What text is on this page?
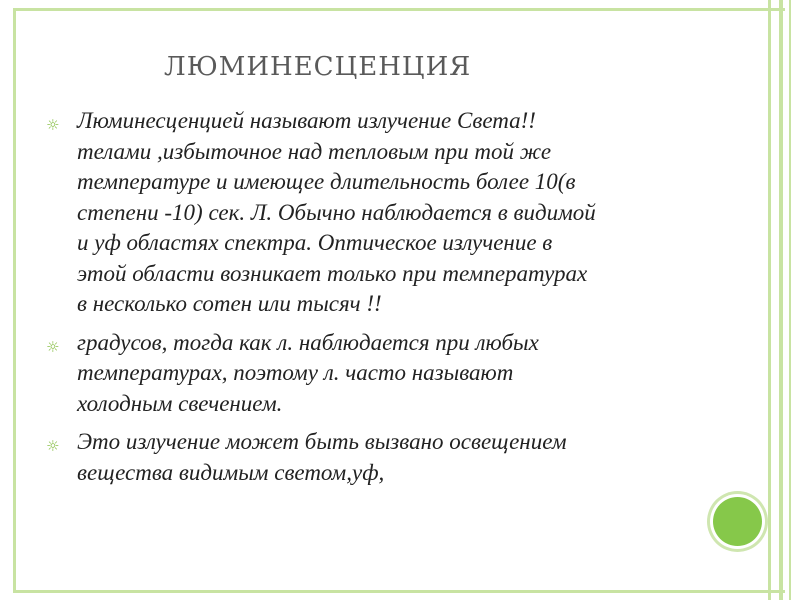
ЛЮМИНЕСЦЕНЦИЯ
☼ Люминесценцией называют излучение Света!!
телами ,избыточное над тепловым при той же
температуре и имеющее длительность более 10(в
степени -10) сек. Л. Обычно наблюдается в видимой
и уф областях спектра. Оптическое излучение в
этой области возникает только при температурах
в несколько сотен или тысяч !!
☼ градусов, тогда как л. наблюдается при любых
температурах, поэтому л. часто называют
холодным свечением.
☼ Это излучение может быть вызвано освещением
вещества видимым светом,уф,
